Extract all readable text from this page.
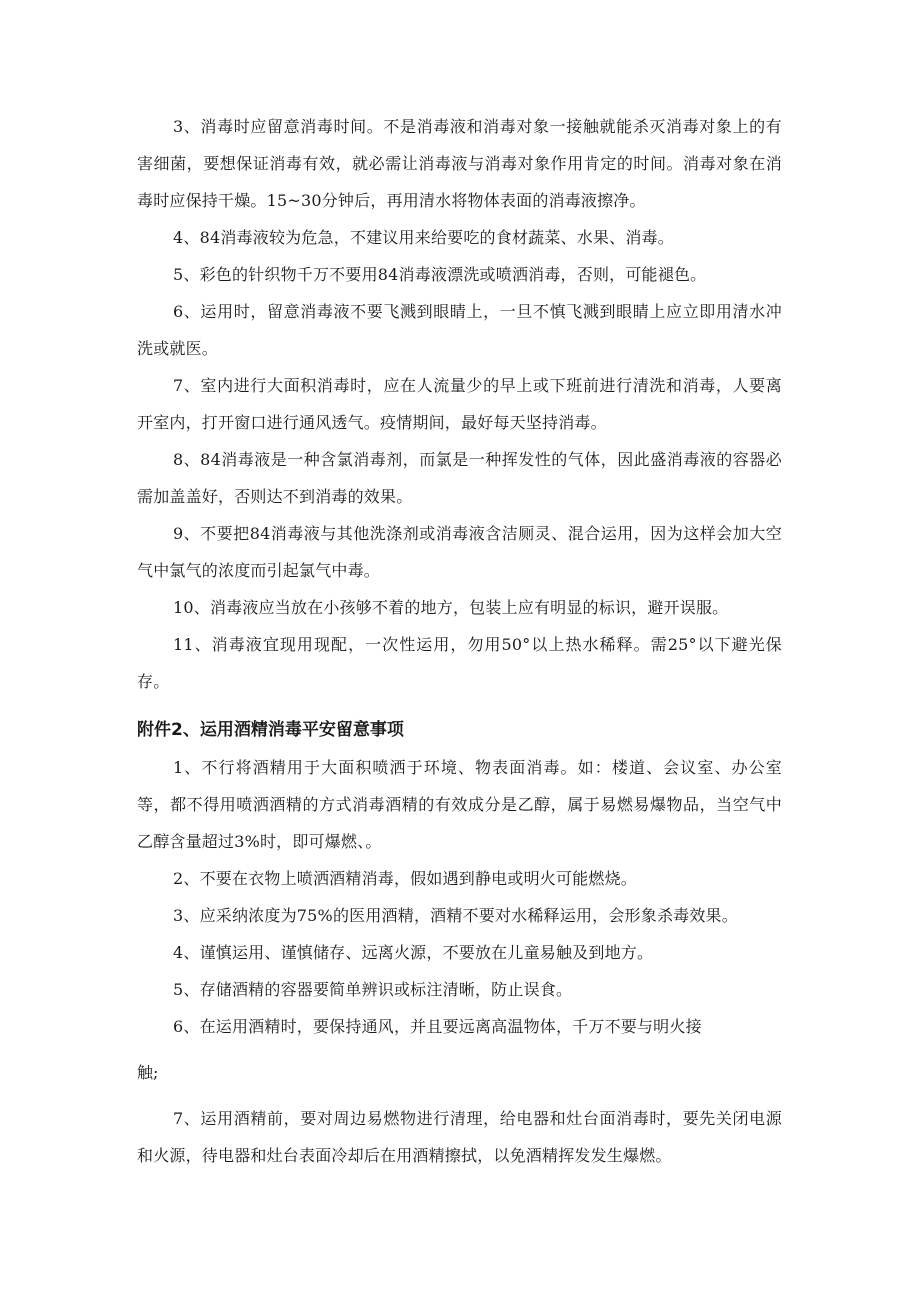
3、消毒时应留意消毒时间。不是消毒液和消毒对象一接触就能杀灭消毒对象上的有害细菌，要想保证消毒有效，就必需让消毒液与消毒对象作用肯定的时间。消毒对象在消毒时应保持干燥。15~30分钟后，再用清水将物体表面的消毒液擦净。

4、84消毒液较为危急，不建议用来给要吃的食材蔬菜、水果、消毒。

5、彩色的针织物千万不要用84消毒液漂洗或喷洒消毒，否则，可能褪色。

6、运用时，留意消毒液不要飞溅到眼睛上，一旦不慎飞溅到眼睛上应立即用清水冲洗或就医。

7、室内进行大面积消毒时，应在人流量少的早上或下班前进行清洗和消毒，人要离开室内，打开窗口进行通风透气。疫情期间，最好每天坚持消毒。

8、84消毒液是一种含氯消毒剂，而氯是一种挥发性的气体，因此盛消毒液的容器必需加盖盖好，否则达不到消毒的效果。

9、不要把84消毒液与其他洗涤剂或消毒液含洁厕灵、混合运用，因为这样会加大空气中氯气的浓度而引起氯气中毒。

10、消毒液应当放在小孩够不着的地方，包装上应有明显的标识，避开误服。

11、消毒液宜现用现配，一次性运用，勿用50°以上热水稀释。需25°以下避光保存。

附件2、运用酒精消毒平安留意事项

1、不行将酒精用于大面积喷洒于环境、物表面消毒。如：楼道、会议室、办公室等，都不得用喷洒酒精的方式消毒酒精的有效成分是乙醇，属于易燃易爆物品，当空气中乙醇含量超过3%时，即可爆燃、。

2、不要在衣物上喷洒酒精消毒，假如遇到静电或明火可能燃烧。

3、应采纳浓度为75%的医用酒精，酒精不要对水稀释运用，会形象杀毒效果。

4、谨慎运用、谨慎储存、远离火源，不要放在儿童易触及到地方。

5、存储酒精的容器要简单辨识或标注清晰，防止误食。

6、在运用酒精时，要保持通风，并且要远离高温物体，千万不要与明火接

触;

7、运用酒精前，要对周边易燃物进行清理，给电器和灶台面消毒时，要先关闭电源和火源，待电器和灶台表面冷却后在用酒精擦拭，以免酒精挥发发生爆燃。
